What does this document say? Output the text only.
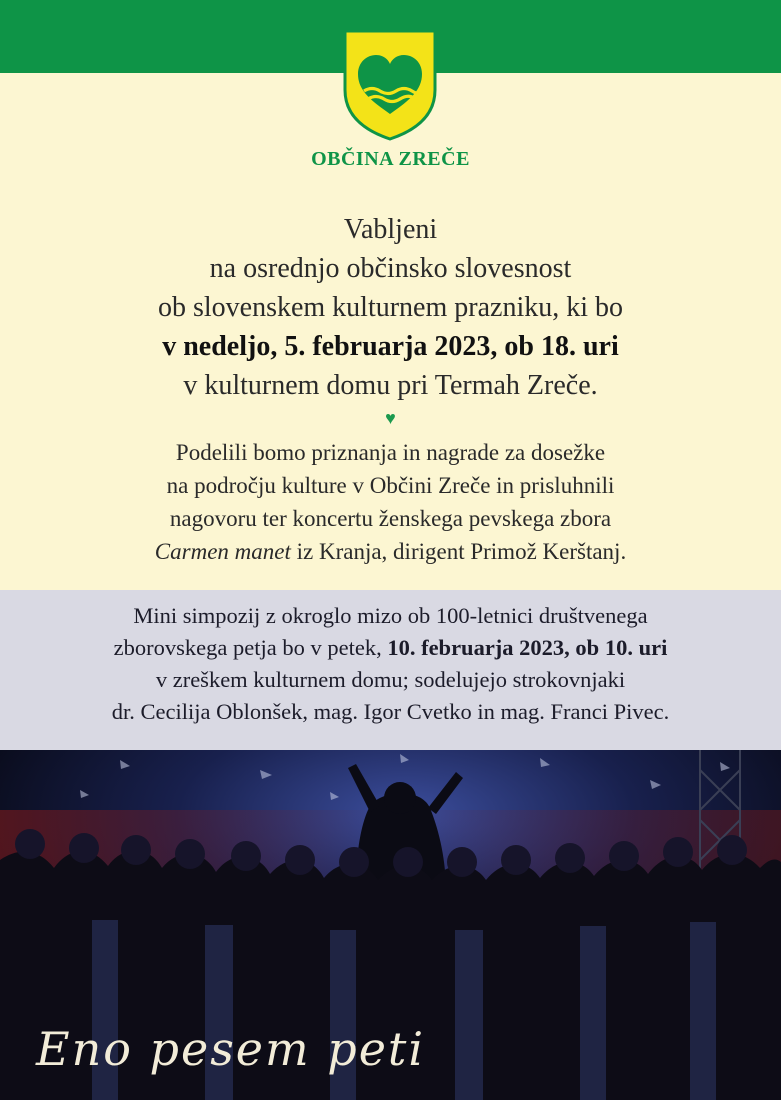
OBČINA ZREČE
Vabljeni
na osrednjo občinsko slovesnost
ob slovenskem kulturnem prazniku, ki bo
v nedeljo, 5. februarja 2023, ob 18. uri
v kulturnem domu pri Termah Zreče.
♥
Podelili bomo priznanja in nagrade za dosežke
na področju kulture v Občini Zreče in prisluhnili
nagovoru ter koncertu ženskega pevskega zbora
Carmen manet iz Kranja, dirigent Primož Kerštanj.
Mini simpozij z okroglo mizo ob 100-letnici društvenega
zborovskega petja bo v petek, 10. februarja 2023, ob 10. uri
v zreškem kulturnem domu; sodelujejo strokovnjaki
dr. Cecilija Oblonšek, mag. Igor Cvetko in mag. Franci Pivec.
Eno pesem peti
